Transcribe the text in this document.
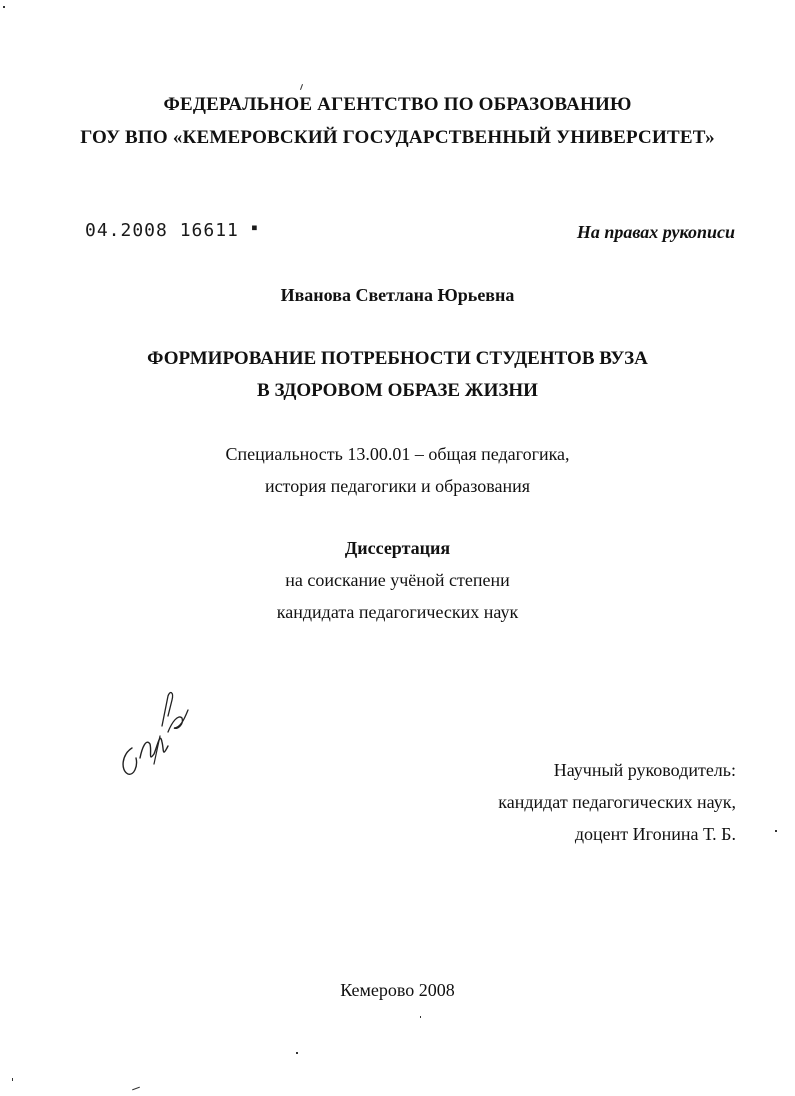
ФЕДЕРАЛЬНОЕ АГЕНТСТВО ПО ОБРАЗОВАНИЮ
ГОУ ВПО «КЕМЕРОВСКИЙ ГОСУДАРСТВЕННЫЙ УНИВЕРСИТЕТ»
04.2008 16611 ▪	На правах рукописи
Иванова Светлана Юрьевна
ФОРМИРОВАНИЕ ПОТРЕБНОСТИ СТУДЕНТОВ ВУЗА
В ЗДОРОВОМ ОБРАЗЕ ЖИЗНИ
Специальность 13.00.01 – общая педагогика,
история педагогики и образования
Диссертация
на соискание учёной степени
кандидата педагогических наук
Научный руководитель:
кандидат педагогических наук,
доцент Игонина Т. Б.
Кемерово 2008
